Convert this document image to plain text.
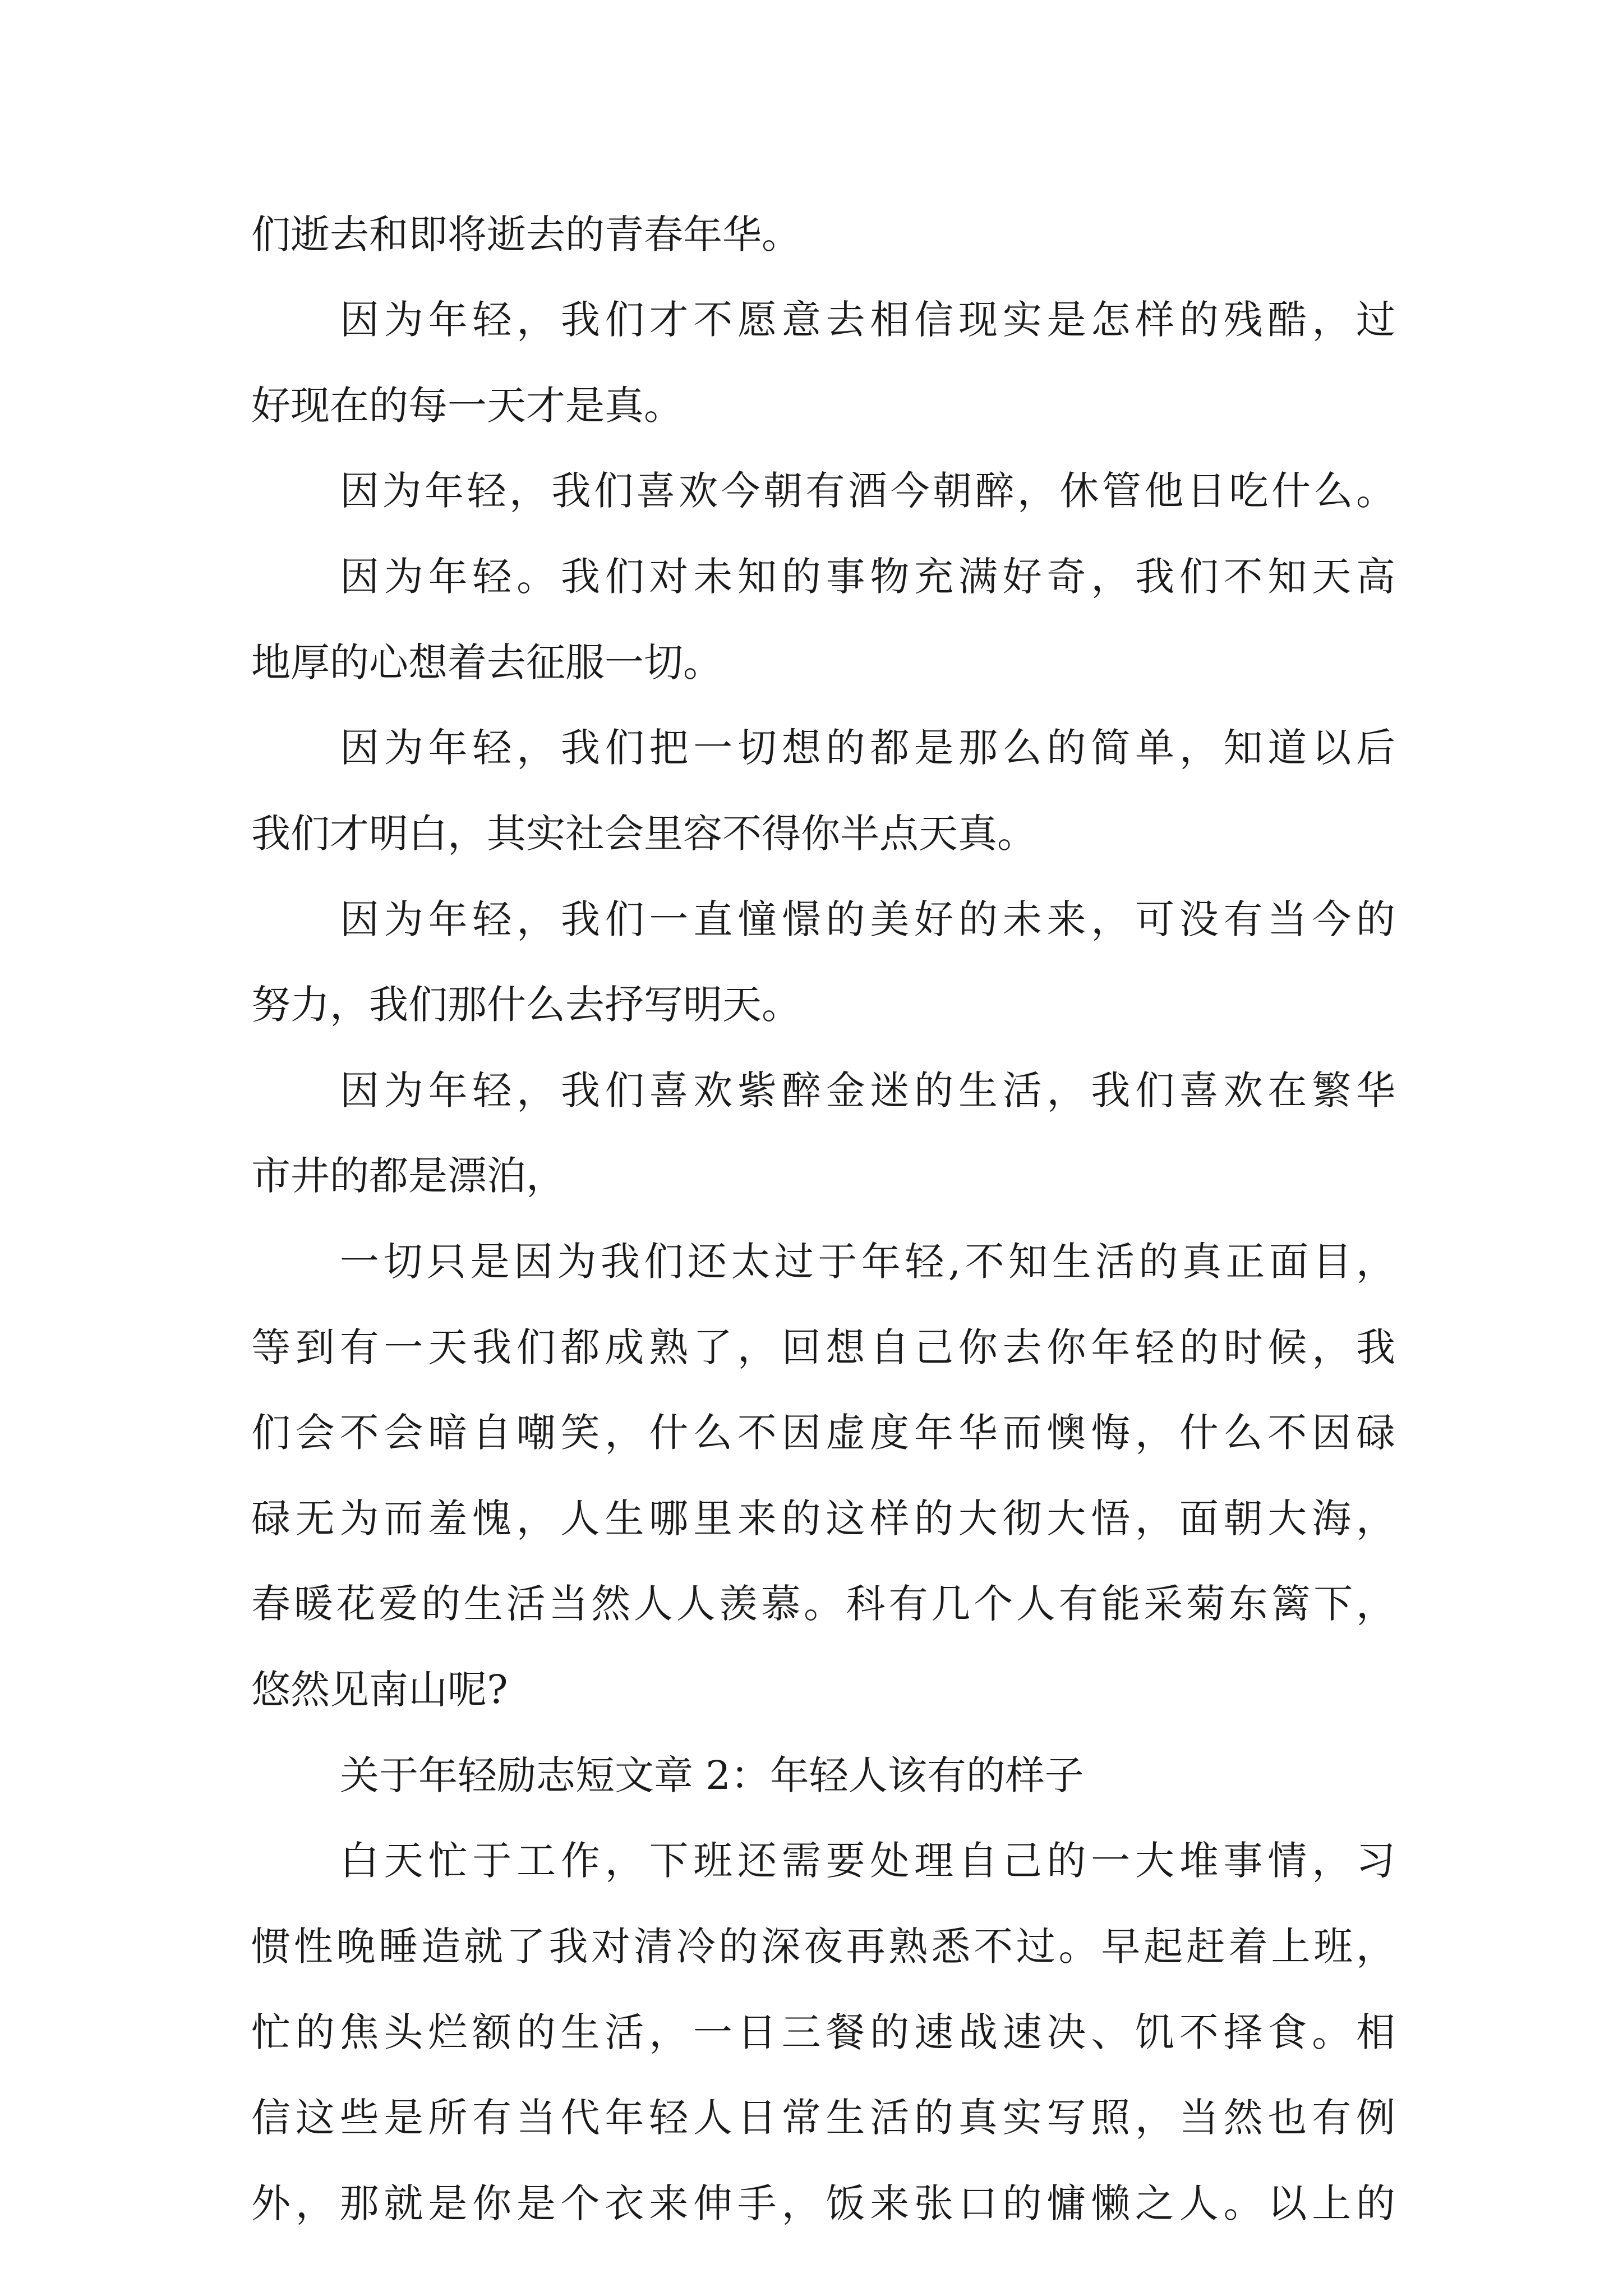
们逝去和即将逝去的青春年华。
因为年轻，我们才不愿意去相信现实是怎样的残酷，过
好现在的每一天才是真。
因为年轻，我们喜欢今朝有酒今朝醉，休管他日吃什么。
因为年轻。我们对未知的事物充满好奇，我们不知天高
地厚的心想着去征服一切。
因为年轻，我们把一切想的都是那么的简单，知道以后
我们才明白，其实社会里容不得你半点天真。
因为年轻，我们一直憧憬的美好的未来，可没有当今的
努力，我们那什么去抒写明天。
因为年轻，我们喜欢紫醉金迷的生活，我们喜欢在繁华
市井的都是漂泊，
一切只是因为我们还太过于年轻,不知生活的真正面目，
等到有一天我们都成熟了，回想自己你去你年轻的时候，我
们会不会暗自嘲笑，什么不因虚度年华而懊悔，什么不因碌
碌无为而羞愧，人生哪里来的这样的大彻大悟，面朝大海，
春暖花爱的生活当然人人羡慕。科有几个人有能采菊东篱下，
悠然见南山呢?
关于年轻励志短文章 2：年轻人该有的样子
白天忙于工作，下班还需要处理自己的一大堆事情，习
惯性晚睡造就了我对清冷的深夜再熟悉不过。早起赶着上班，
忙的焦头烂额的生活，一日三餐的速战速决、饥不择食。相
信这些是所有当代年轻人日常生活的真实写照，当然也有例
外，那就是你是个衣来伸手，饭来张口的慵懒之人。以上的
